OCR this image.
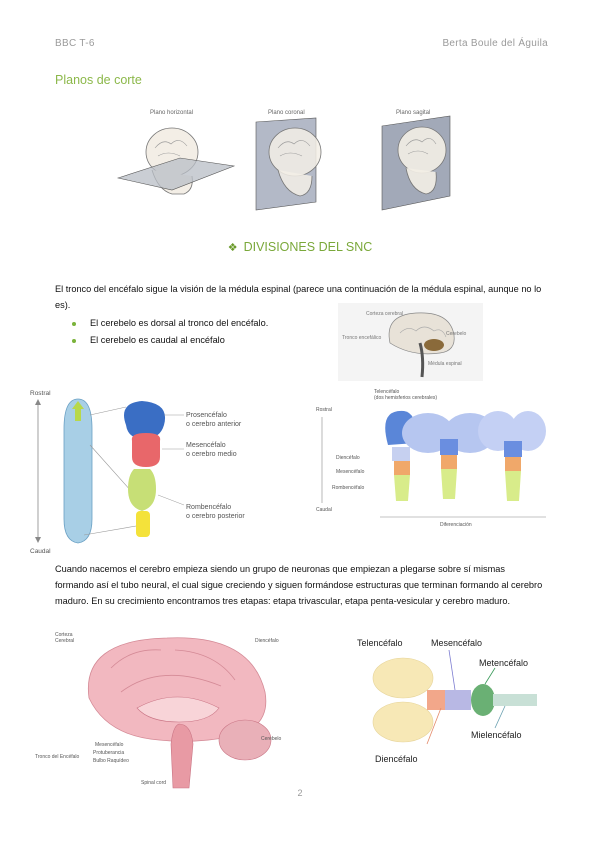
BBC T-6	Berta Boule del Águila
Planos de corte
Plano horizontal	Plano coronal	Plano sagital
❖ DIVISIONES DEL SNC
El tronco del encéfalo sigue la visión de la médula espinal (parece una continuación de la médula espinal, aunque no lo es).
El cerebelo es dorsal al tronco del encéfalo.
El cerebelo es caudal al encéfalo
Corteza cerebral
Tronco encefálico
Cerebelo
Médula espinal
Rostral
Caudal
Prosencéfalo
o cerebro anterior
Mesencéfalo
o cerebro medio
Rombencéfalo
o cerebro posterior
Telencéfalo
(dos hemisferios cerebrales)
Rostral
Caudal
Diferenciación
Diencéfalo
Mesencéfalo
Rombencéfalo
Cuando nacemos el cerebro empieza siendo un grupo de neuronas que empiezan a plegarse sobre sí mismas formando así el tubo neural, el cual sigue creciendo y siguen formándose estructuras que terminan formando al cerebro maduro. En su crecimiento encontramos tres etapas: etapa trivascular, etapa penta-vesicular y cerebro maduro.
Corteza
Cerebral	Diencéfalo
Cerebelo
Tronco del Encéfalo
Mesencéfalo
Protuberancia
Bulbo Raquídeo
Spinal cord
Telencéfalo	Mesencéfalo
Metencéfalo
Mielencéfalo
Diencéfalo
2
